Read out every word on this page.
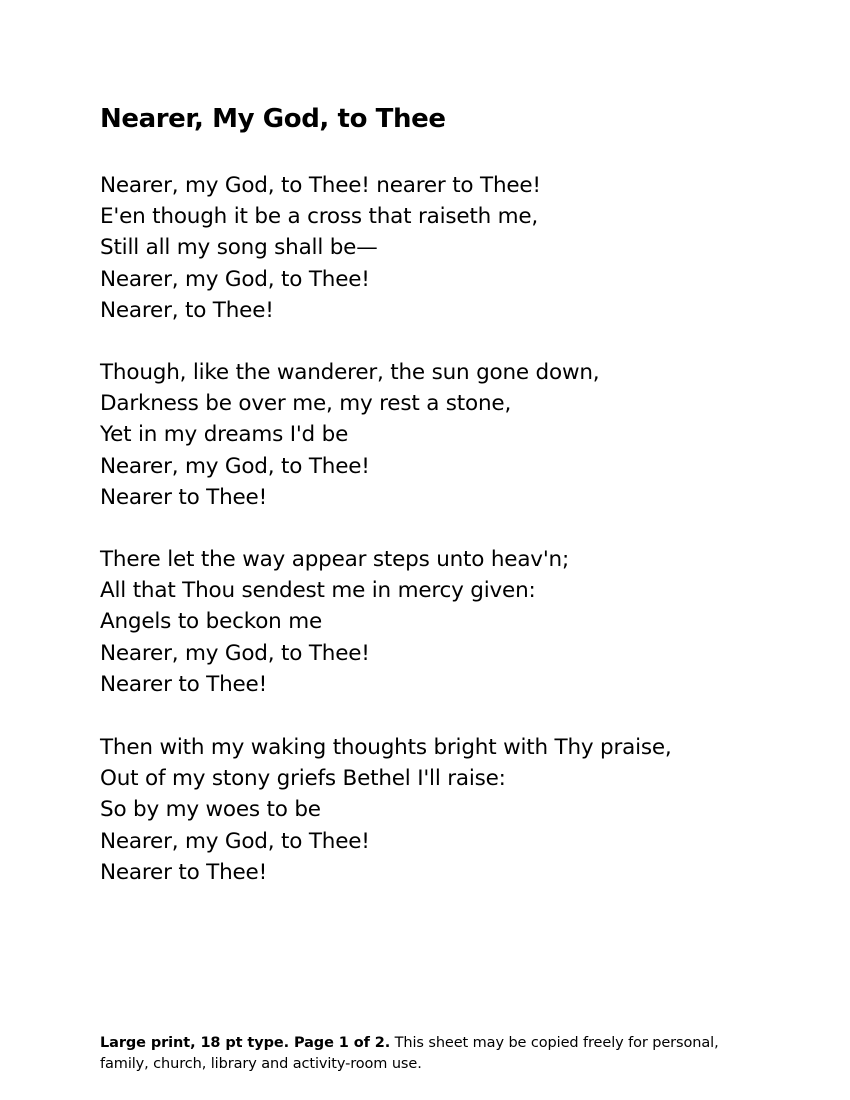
Nearer, My God, to Thee
Nearer, my God, to Thee! nearer to Thee!
E'en though it be a cross that raiseth me,
Still all my song shall be—
Nearer, my God, to Thee!
Nearer, to Thee!
Though, like the wanderer, the sun gone down,
Darkness be over me, my rest a stone,
Yet in my dreams I'd be
Nearer, my God, to Thee!
Nearer to Thee!
There let the way appear steps unto heav'n;
All that Thou sendest me in mercy given:
Angels to beckon me
Nearer, my God, to Thee!
Nearer to Thee!
Then with my waking thoughts bright with Thy praise,
Out of my stony griefs Bethel I'll raise:
So by my woes to be
Nearer, my God, to Thee!
Nearer to Thee!

Large print, 18 pt type. Page 1 of 2. This sheet may be copied freely for personal, family, church, library and activity-room use.
